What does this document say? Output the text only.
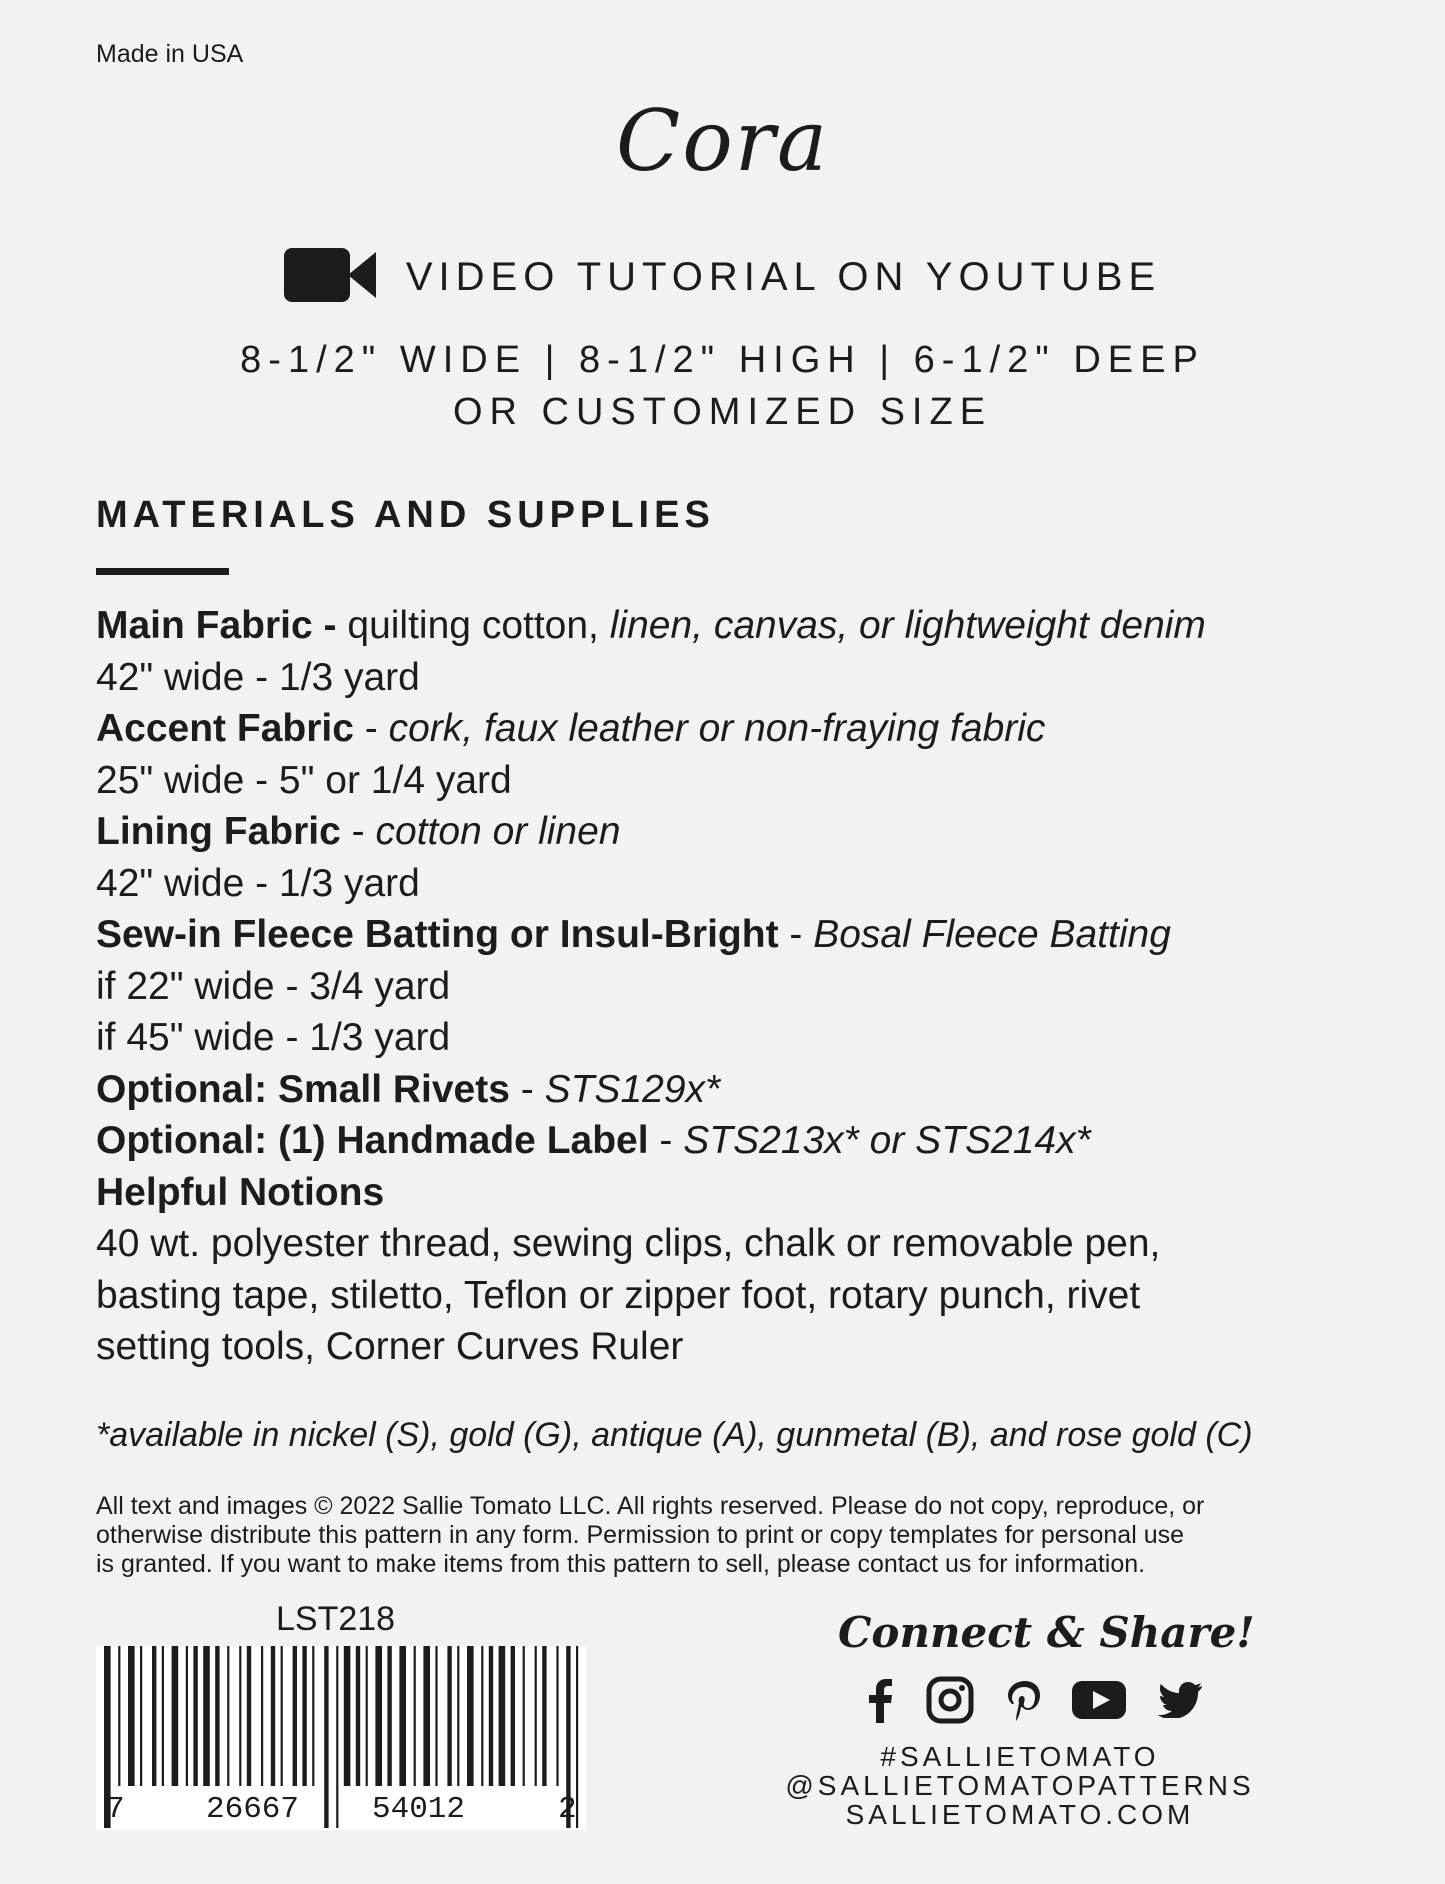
Made in USA
Cora
VIDEO TUTORIAL ON YOUTUBE
8-1/2" WIDE | 8-1/2" HIGH | 6-1/2" DEEP
OR CUSTOMIZED SIZE
MATERIALS AND SUPPLIES
Main Fabric - quilting cotton, linen, canvas, or lightweight denim
42" wide - 1/3 yard
Accent Fabric - cork, faux leather or non-fraying fabric
25" wide - 5" or 1/4 yard
Lining Fabric - cotton or linen
42" wide - 1/3 yard
Sew-in Fleece Batting or Insul-Bright - Bosal Fleece Batting
if 22" wide - 3/4 yard
if 45" wide - 1/3 yard
Optional: Small Rivets - STS129x*
Optional: (1) Handmade Label - STS213x* or STS214x*
Helpful Notions
40 wt. polyester thread, sewing clips, chalk or removable pen,
basting tape, stiletto, Teflon or zipper foot, rotary punch, rivet
setting tools, Corner Curves Ruler
*available in nickel (S), gold (G), antique (A), gunmetal (B), and rose gold (C)
All text and images © 2022 Sallie Tomato LLC. All rights reserved. Please do not copy, reproduce, or
otherwise distribute this pattern in any form. Permission to print or copy templates for personal use
is granted. If you want to make items from this pattern to sell, please contact us for information.
LST218
7	26667 54012	2
Connect & Share!
#SALLIETOMATO
@SALLIETOMATOPATTERNS
SALLIETOMATO.COM
